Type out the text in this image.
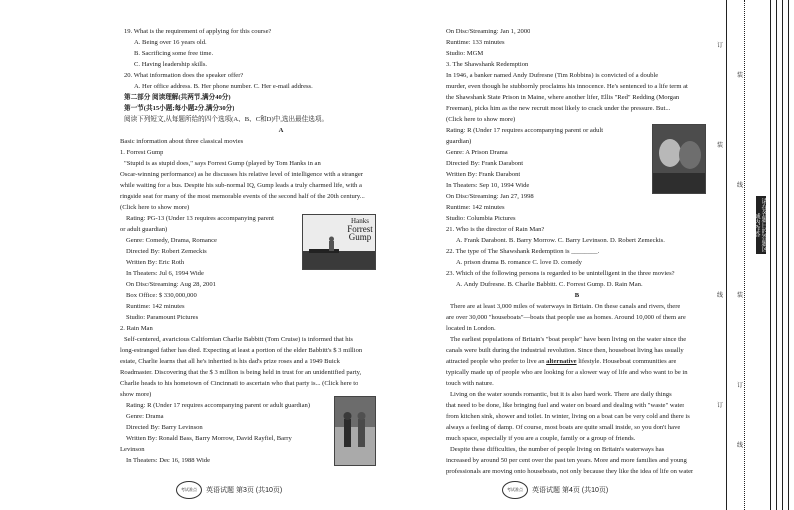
19. What is the requirement of applying for this course?
A. Being over 16 years old.
B. Sacrificing some free time.
C. Having leadership skills.
20. What information does the speaker offer?
A. Her office address. B. Her phone number. C. Her e-mail address.
第二部分 阅读理解(共两节,满分40分)
第一节(共15小题;每小题2分,满分30分)
阅读下列短文,从每题所给的四个选项(A、B、C和D)中,选出最佳选项。
A
Basic information about three classical movies
1. Forrest Gump
"Stupid is as stupid does," says Forrest Gump (played by Tom Hanks in an
Oscar-winning performance) as he discusses his relative level of intelligence with a stranger
while waiting for a bus. Despite his sub-normal IQ, Gump leads a truly charmed life, with a
ringside seat for many of the most memorable events of the second half of the 20th century...
(Click here to show more)
Rating: PG-13 (Under 13 requires accompanying parent
or adult guardian)
Genre: Comedy, Drama, Romance
Directed By: Robert Zemeckis
Written By: Eric Roth
In Theaters: Jul 6, 1994 Wide
On Disc/Streaming: Aug 28, 2001
Box Office: $ 330,000,000
Runtime: 142 minutes
Studio: Paramount Pictures
2. Rain Man
Self-centered, avaricious Californian Charlie Babbitt (Tom Cruise) is informed that his
long-estranged father has died. Expecting at least a portion of the elder Babbitt's $ 3 million
estate, Charlie learns that all he's inherited is his dad's prize roses and a 1949 Buick
Roadmaster. Discovering that the $ 3 million is being held in trust for an unidentified party,
Charlie heads to his hometown of Cincinnati to ascertain who that party is... (Click here to
show more)
Rating: R (Under 17 requires accompanying parent or adult guardian)
Genre: Drama
Directed By: Barry Levinson
Written By: Ronald Bass, Barry Morrow, David Rayfiel, Barry
Levinson
In Theaters: Dec 16, 1988 Wide
Hanks
Forrest
Gump
On Disc/Streaming: Jan 1, 2000
Runtime: 133 minutes
Studio: MGM
3. The Shawshank Redemption
In 1946, a banker named Andy Dufresne (Tim Robbins) is convicted of a double
murder, even though he stubbornly proclaims his innocence. He's sentenced to a life term at
the Shawshank State Prison in Maine, where another lifer, Ellis "Red" Redding (Morgan
Freeman), picks him as the new recruit most likely to crack under the pressure. But...
(Click here to show more)
Rating: R (Under 17 requires accompanying parent or adult
guardian)
Genre: A Prison Drama
Directed By: Frank Darabont
Written By: Frank Darabont
In Theaters: Sep 10, 1994 Wide
On Disc/Streaming: Jan 27, 1998
Runtime: 142 minutes
Studio: Columbia Pictures
21. Who is the director of Rain Man?
A. Frank Darabont. B. Barry Morrow. C. Barry Levinson. D. Robert Zemeckis.
22. The type of The Shawshank Redemption is ________.
A. prison drama B. romance C. love D. comedy
23. Which of the following persons is regarded to be unintelligent in the three movies?
A. Andy Dufresne. B. Charlie Babbitt. C. Forrest Gump. D. Rain Man.
B
There are at least 3,000 miles of waterways in Britain. On these canals and rivers, there
are over 30,000 "houseboats"—boats that people use as homes. Around 10,000 of them are
located in London.
The earliest populations of Britain's "boat people" have been living on the water since the
canals were built during the industrial revolution. Since then, houseboat living has usually
attracted people who prefer to live an alternative lifestyle. Houseboat communities are
typically made up of people who are looking for a slower way of life and who want to be in
touch with nature.
Living on the water sounds romantic, but it is also hard work. There are daily things
that need to be done, like bringing fuel and water on board and dealing with "waste" water
from kitchen sink, shower and toilet. In winter, living on a boat can be very cold and there is
always a feeling of damp. Of course, most boats are quite small inside, so you don't have
much space, especially if you are a couple, family or a group of friends.
Despite these difficulties, the number of people living on Britain's waterways has
increased by around 50 per cent over the past ten years. More and more families and young
professionals are moving onto houseboats, not only because they like the idea of life on water
考试准点	英语试题 第3页 (共10页)	考试准点	英语试题 第4页 (共10页)
订
装
线
订
装
线
装
订
线
请在各题目的答题区域内作答
